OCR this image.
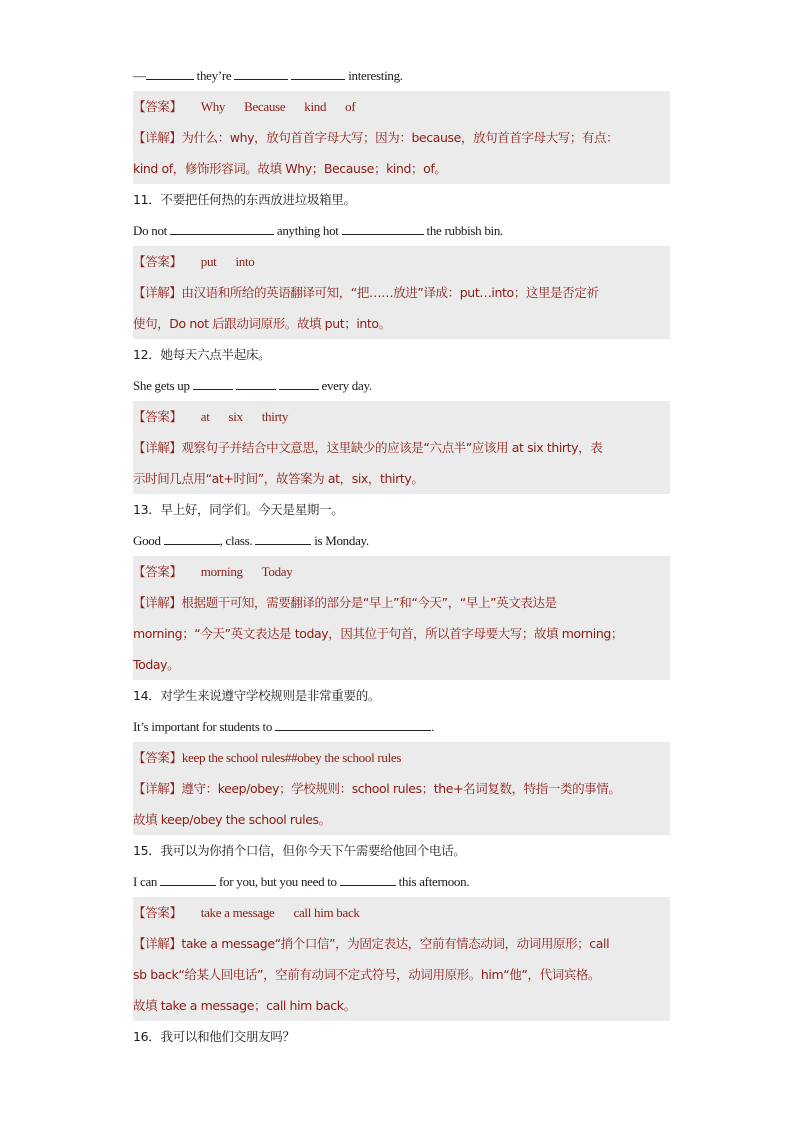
—	they’re	interesting.
【答案】 Why Because kind of
【详解】为什么：why，放句首首字母大写；因为：because，放句首首字母大写；有点：
kind of，修饰形容词。故填 Why；Because；kind；of。
11．不要把任何热的东西放进垃圾箱里。
Do not	anything hot	the rubbish bin.
【答案】 put into
【详解】由汉语和所给的英语翻译可知，“把……放进”译成：put…into；这里是否定祈
使句，Do not 后跟动词原形。故填 put；into。
12．她每天六点半起床。
She gets up	every day.
【答案】 at six thirty
【详解】观察句子并结合中文意思，这里缺少的应该是“六点半”应该用 at six thirty，表
示时间几点用“at+时间”，故答案为 at，six，thirty。
13．早上好，同学们。今天是星期一。
Good	, class.	is Monday.
【答案】 morning Today
【详解】根据题干可知，需要翻译的部分是“早上”和“今天”，“早上”英文表达是
morning；“今天”英文表达是 today，因其位于句首，所以首字母要大写；故填 morning；
Today。
14．对学生来说遵守学校规则是非常重要的。
It’s important for students to	.
【答案】keep the school rules##obey the school rules
【详解】遵守：keep/obey；学校规则：school rules；the+名词复数，特指一类的事情。
故填 keep/obey the school rules。
15．我可以为你捎个口信，但你今天下午需要给他回个电话。
I can	for you, but you need to	this afternoon.
【答案】 take a message call him back
【详解】take a message“捎个口信”，为固定表达，空前有情态动词，动词用原形；call
sb back“给某人回电话”，空前有动词不定式符号，动词用原形。him“他”，代词宾格。
故填 take a message；call him back。
16．我可以和他们交朋友吗？
